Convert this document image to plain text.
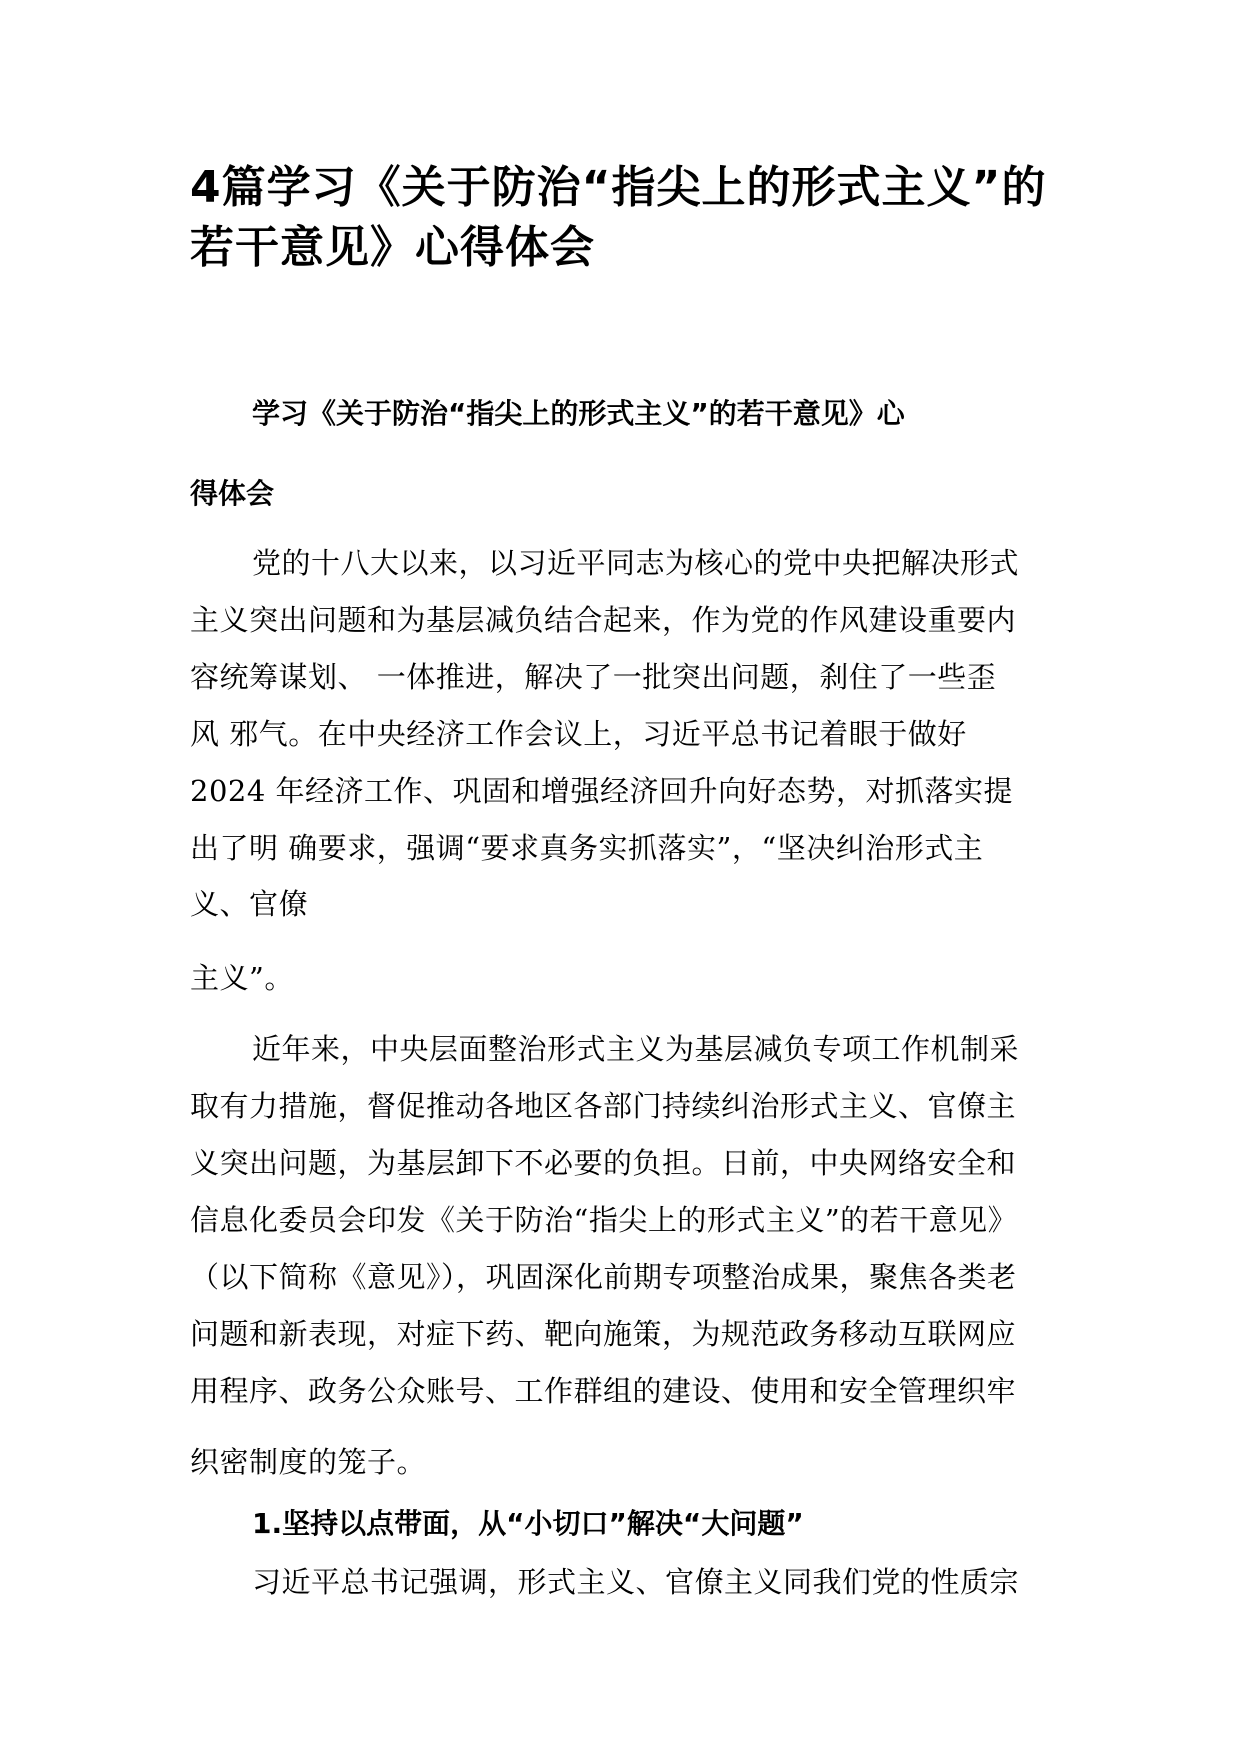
4篇学习《关于防治“指尖上的形式主义”的若干意见》心得体会

学习《关于防治“指尖上的形式主义”的若干意见》心

得体会

党的十八大以来，以习近平同志为核心的党中央把解决形式

主义突出问题和为基层减负结合起来，作为党的作风建设重要内

容统筹谋划、 一体推进，解决了一批突出问题，刹住了一些歪

风 邪气。在中央经济工作会议上，习近平总书记着眼于做好

2024 年经济工作、巩固和增强经济回升向好态势，对抓落实提

出了明 确要求，强调“要求真务实抓落实”，“坚决纠治形式主

义、官僚

主义”。

近年来，中央层面整治形式主义为基层减负专项工作机制采

取有力措施，督促推动各地区各部门持续纠治形式主义、官僚主

义突出问题，为基层卸下不必要的负担。日前，中央网络安全和

信息化委员会印发《关于防治“指尖上的形式主义”的若干意见》

（以下简称《意见》），巩固深化前期专项整治成果，聚焦各类老

问题和新表现，对症下药、靶向施策，为规范政务移动互联网应

用程序、政务公众账号、工作群组的建设、使用和安全管理织牢

织密制度的笼子。

1.坚持以点带面，从“小切口”解决“大问题”

习近平总书记强调，形式主义、官僚主义同我们党的性质宗
